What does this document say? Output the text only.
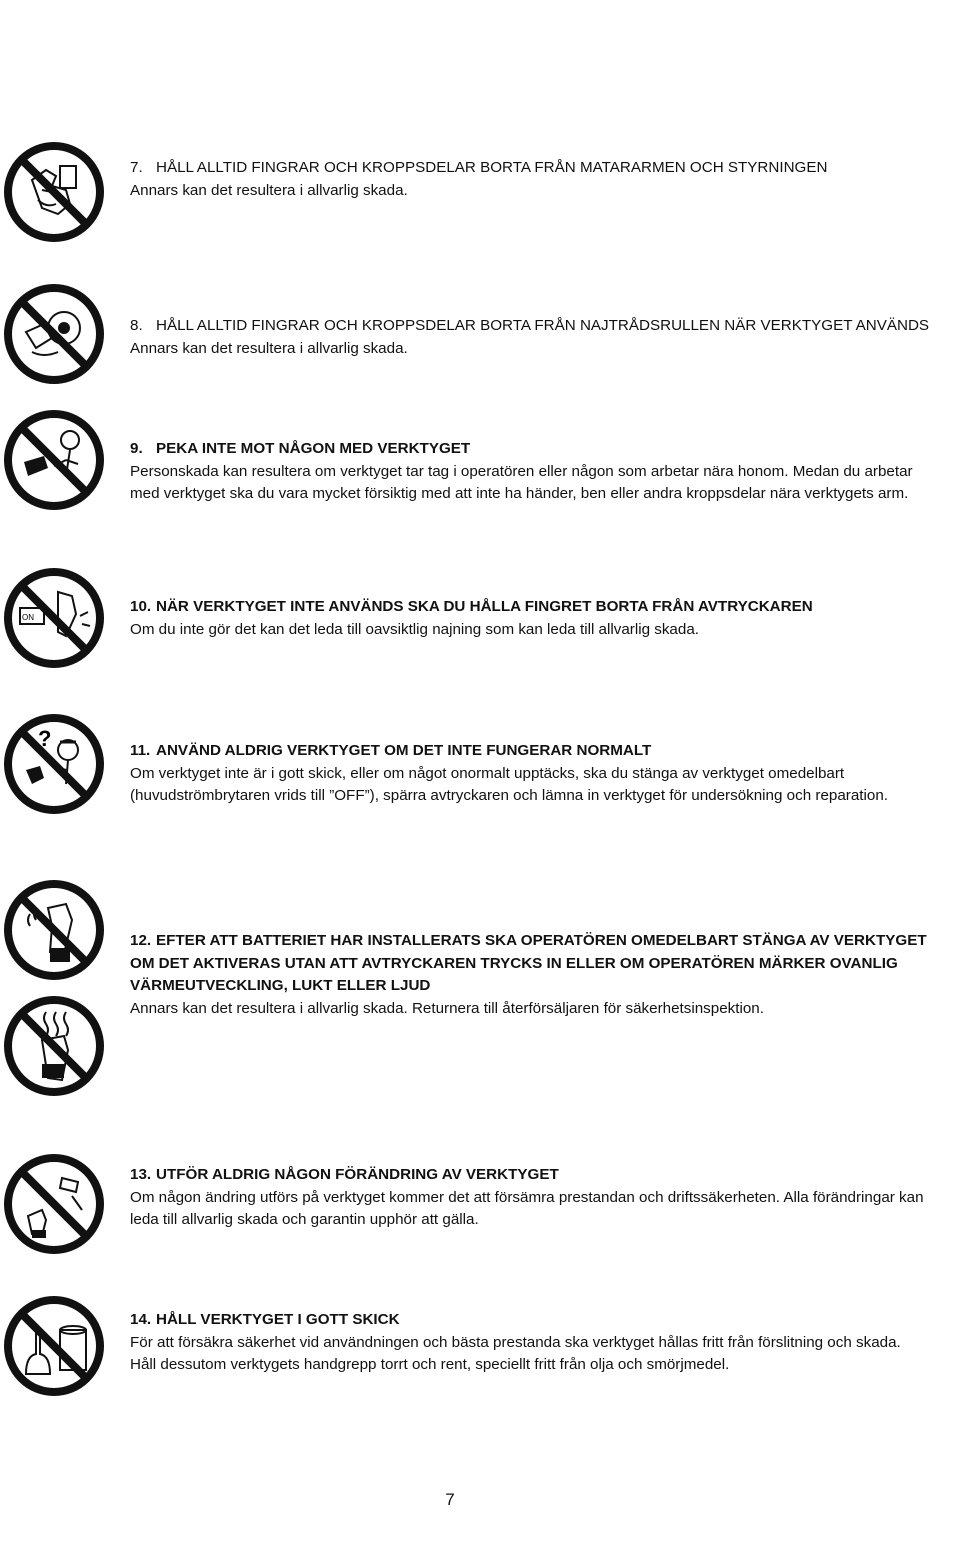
7. HÅLL ALLTID FINGRAR OCH KROPPSDELAR BORTA FRÅN MATARARMEN OCH STYRNINGEN
Annars kan det resultera i allvarlig skada.
8. HÅLL ALLTID FINGRAR OCH KROPPSDELAR BORTA FRÅN NAJTRÅDSRULLEN NÄR VERKTYGET ANVÄNDS
Annars kan det resultera i allvarlig skada.
9. PEKA INTE MOT NÅGON MED VERKTYGET
Personskada kan resultera om verktyget tar tag i operatören eller någon som arbetar nära honom. Medan du arbetar med verktyget ska du vara mycket försiktig med att inte ha händer, ben eller andra kroppsdelar nära verktygets arm.
ON
10. NÄR VERKTYGET INTE ANVÄNDS SKA DU HÅLLA FINGRET BORTA FRÅN AVTRYCKAREN
Om du inte gör det kan det leda till oavsiktlig najning som kan leda till allvarlig skada.
?	11. ANVÄND ALDRIG VERKTYGET OM DET INTE FUNGERAR NORMALT
Om verktyget inte är i gott skick, eller om något onormalt upptäcks, ska du stänga av verktyget omedelbart (huvudströmbrytaren vrids till ”OFF”), spärra avtryckaren och lämna in verktyget för undersökning och reparation.
12. EFTER ATT BATTERIET HAR INSTALLERATS SKA OPERATÖREN OMEDELBART STÄNGA AV VERKTYGET OM DET AKTIVERAS UTAN ATT AVTRYCKAREN TRYCKS IN ELLER OM OPERATÖREN MÄRKER OVANLIG VÄRMEUTVECKLING, LUKT ELLER LJUD
Annars kan det resultera i allvarlig skada. Returnera till återförsäljaren för säkerhetsinspektion.
13. UTFÖR ALDRIG NÅGON FÖRÄNDRING AV VERKTYGET
Om någon ändring utförs på verktyget kommer det att försämra prestandan och driftssäkerheten. Alla förändringar kan leda till allvarlig skada och garantin upphör att gälla.
14. HÅLL VERKTYGET I GOTT SKICK
För att försäkra säkerhet vid användningen och bästa prestanda ska verktyget hållas fritt från förslitning och skada. Håll dessutom verktygets handgrepp torrt och rent, speciellt fritt från olja och smörjmedel.
7
